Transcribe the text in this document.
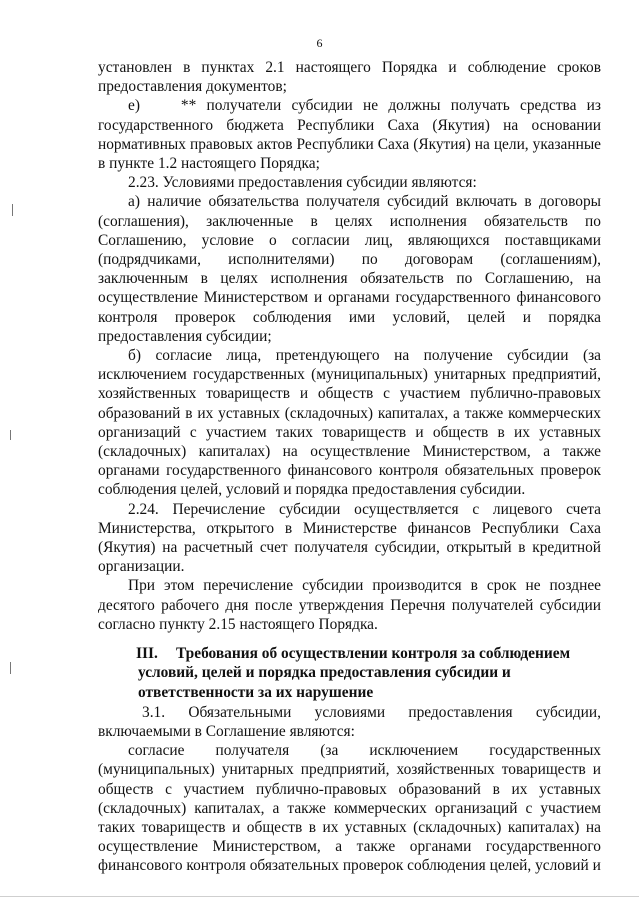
6

установлен в пунктах 2.1 настоящего Порядка и соблюдение сроков предоставления документов;

е)    ** получатели субсидии не должны получать средства из государственного бюджета Республики Саха (Якутия) на основании нормативных правовых актов Республики Саха (Якутия) на цели, указанные в пункте 1.2 настоящего Порядка;

2.23. Условиями предоставления субсидии являются:

а) наличие обязательства получателя субсидий включать в договоры (соглашения), заключенные в целях исполнения обязательств по Соглашению, условие о согласии лиц, являющихся поставщиками (подрядчиками, исполнителями) по договорам (соглашениям), заключенным в целях исполнения обязательств по Соглашению, на осуществление Министерством и органами государственного финансового контроля проверок соблюдения ими условий, целей и порядка предоставления субсидии;

б) согласие лица, претендующего на получение субсидии (за исключением государственных (муниципальных) унитарных предприятий, хозяйственных товариществ и обществ с участием публично-правовых образований в их уставных (складочных) капиталах, а также коммерческих организаций с участием таких товариществ и обществ в их уставных (складочных) капиталах) на осуществление Министерством, а также органами государственного финансового контроля обязательных проверок соблюдения целей, условий и порядка предоставления субсидии.

2.24. Перечисление субсидии осуществляется с лицевого счета Министерства, открытого в Министерстве финансов Республики Саха (Якутия) на расчетный счет получателя субсидии, открытый в кредитной организации.

При этом перечисление субсидии производится в срок не позднее десятого рабочего дня после утверждения Перечня получателей субсидии согласно пункту 2.15 настоящего Порядка.

III. Требования об осуществлении контроля за соблюдением
условий, целей и порядка предоставления субсидии и
ответственности за их нарушение

3.1. Обязательными условиями предоставления субсидии, включаемыми в Соглашение являются:

согласие получателя (за исключением государственных (муниципальных) унитарных предприятий, хозяйственных товариществ и обществ с участием публично-правовых образований в их уставных (складочных) капиталах, а также коммерческих организаций с участием таких товариществ и обществ в их уставных (складочных) капиталах) на осуществление Министерством, а также органами государственного финансового контроля обязательных проверок соблюдения целей, условий и
